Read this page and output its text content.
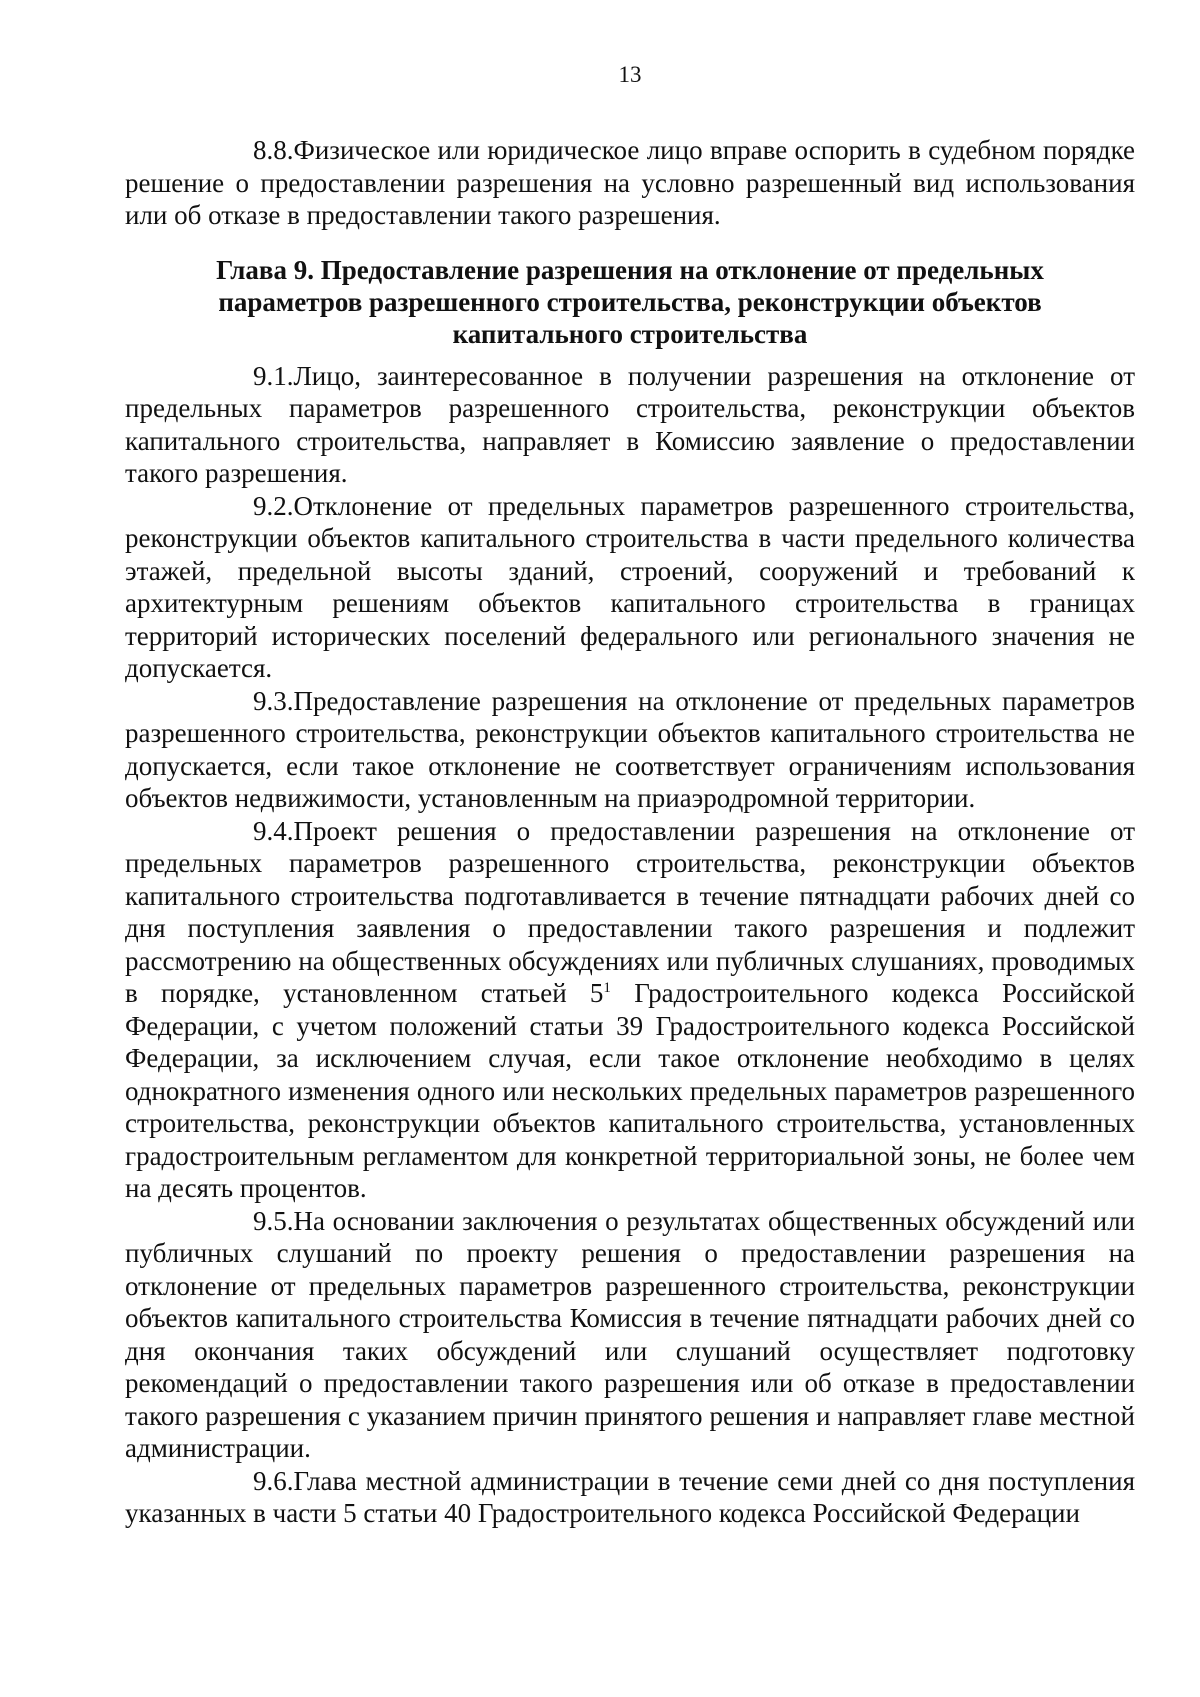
13

8.8.Физическое или юридическое лицо вправе оспорить в судебном порядке решение о предоставлении разрешения на условно разрешенный вид использования или об отказе в предоставлении такого разрешения.

Глава 9. Предоставление разрешения на отклонение от предельных параметров разрешенного строительства, реконструкции объектов капитального строительства

9.1.Лицо, заинтересованное в получении разрешения на отклонение от предельных параметров разрешенного строительства, реконструкции объектов капитального строительства, направляет в Комиссию заявление о предоставлении такого разрешения.

9.2.Отклонение от предельных параметров разрешенного строительства, реконструкции объектов капитального строительства в части предельного количества этажей, предельной высоты зданий, строений, сооружений и требований к архитектурным решениям объектов капитального строительства в границах территорий исторических поселений федерального или регионального значения не допускается.

9.3.Предоставление разрешения на отклонение от предельных параметров разрешенного строительства, реконструкции объектов капитального строительства не допускается, если такое отклонение не соответствует ограничениям использования объектов недвижимости, установленным на приаэродромной территории.

9.4.Проект решения о предоставлении разрешения на отклонение от предельных параметров разрешенного строительства, реконструкции объектов капитального строительства подготавливается в течение пятнадцати рабочих дней со дня поступления заявления о предоставлении такого разрешения и подлежит рассмотрению на общественных обсуждениях или публичных слушаниях, проводимых в порядке, установленном статьей $5^1$ Градостроительного кодекса Российской Федерации, с учетом положений статьи 39 Градостроительного кодекса Российской Федерации, за исключением случая, если такое отклонение необходимо в целях однократного изменения одного или нескольких предельных параметров разрешенного строительства, реконструкции объектов капитального строительства, установленных градостроительным регламентом для конкретной территориальной зоны, не более чем на десять процентов.

9.5.На основании заключения о результатах общественных обсуждений или публичных слушаний по проекту решения о предоставлении разрешения на отклонение от предельных параметров разрешенного строительства, реконструкции объектов капитального строительства Комиссия в течение пятнадцати рабочих дней со дня окончания таких обсуждений или слушаний осуществляет подготовку рекомендаций о предоставлении такого разрешения или об отказе в предоставлении такого разрешения с указанием причин принятого решения и направляет главе местной администрации.

9.6.Глава местной администрации в течение семи дней со дня поступления указанных в части 5 статьи 40 Градостроительного кодекса Российской Федерации
